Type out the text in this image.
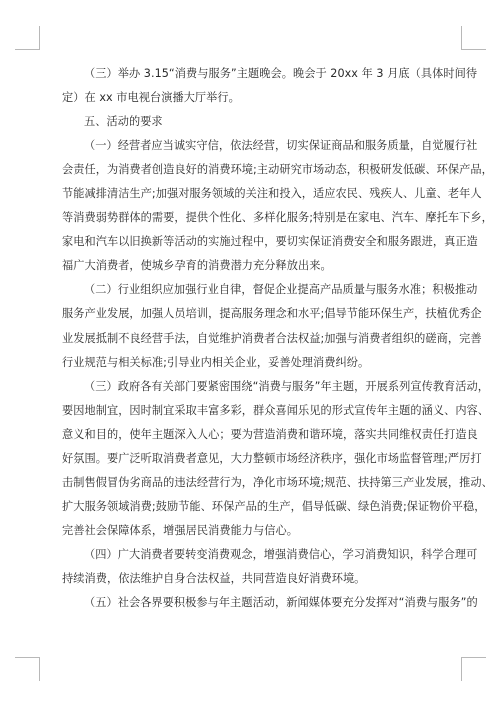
（三）举办 3.15“消费与服务”主题晚会。晚会于 20xx 年 3 月底（具体时间待
定）在 xx 市电视台演播大厅举行。
五、活动的要求
（一）经营者应当诚实守信，依法经营，切实保证商品和服务质量，自觉履行社
会责任，为消费者创造良好的消费环境;主动研究市场动态，积极研发低碳、环保产品，
节能减排清洁生产;加强对服务领域的关注和投入，适应农民、残疾人、儿童、老年人
等消费弱势群体的需要，提供个性化、多样化服务;特别是在家电、汽车、摩托车下乡，
家电和汽车以旧换新等活动的实施过程中，要切实保证消费安全和服务跟进，真正造
福广大消费者，使城乡孕育的消费潜力充分释放出来。
（二）行业组织应加强行业自律，督促企业提高产品质量与服务水准；积极推动
服务产业发展，加强人员培训，提高服务理念和水平;倡导节能环保生产，扶植优秀企
业发展抵制不良经营手法，自觉维护消费者合法权益;加强与消费者组织的磋商，完善
行业规范与相关标准;引导业内相关企业，妥善处理消费纠纷。
（三）政府各有关部门要紧密围绕“消费与服务”年主题，开展系列宣传教育活动，
要因地制宜，因时制宜采取丰富多彩，群众喜闻乐见的形式宣传年主题的涵义、内容、
意义和目的，使年主题深入人心；要为营造消费和谐环境，落实共同维权责任打造良
好氛围。要广泛听取消费者意见，大力整顿市场经济秩序，强化市场监督管理;严厉打
击制售假冒伪劣商品的违法经营行为，净化市场环境;规范、扶持第三产业发展，推动、
扩大服务领域消费;鼓励节能、环保产品的生产，倡导低碳、绿色消费;保证物价平稳，
完善社会保障体系，增强居民消费能力与信心。
（四）广大消费者要转变消费观念，增强消费信心，学习消费知识，科学合理可
持续消费，依法维护自身合法权益，共同营造良好消费环境。
（五）社会各界要积极参与年主题活动，新闻媒体要充分发挥对“消费与服务”的
